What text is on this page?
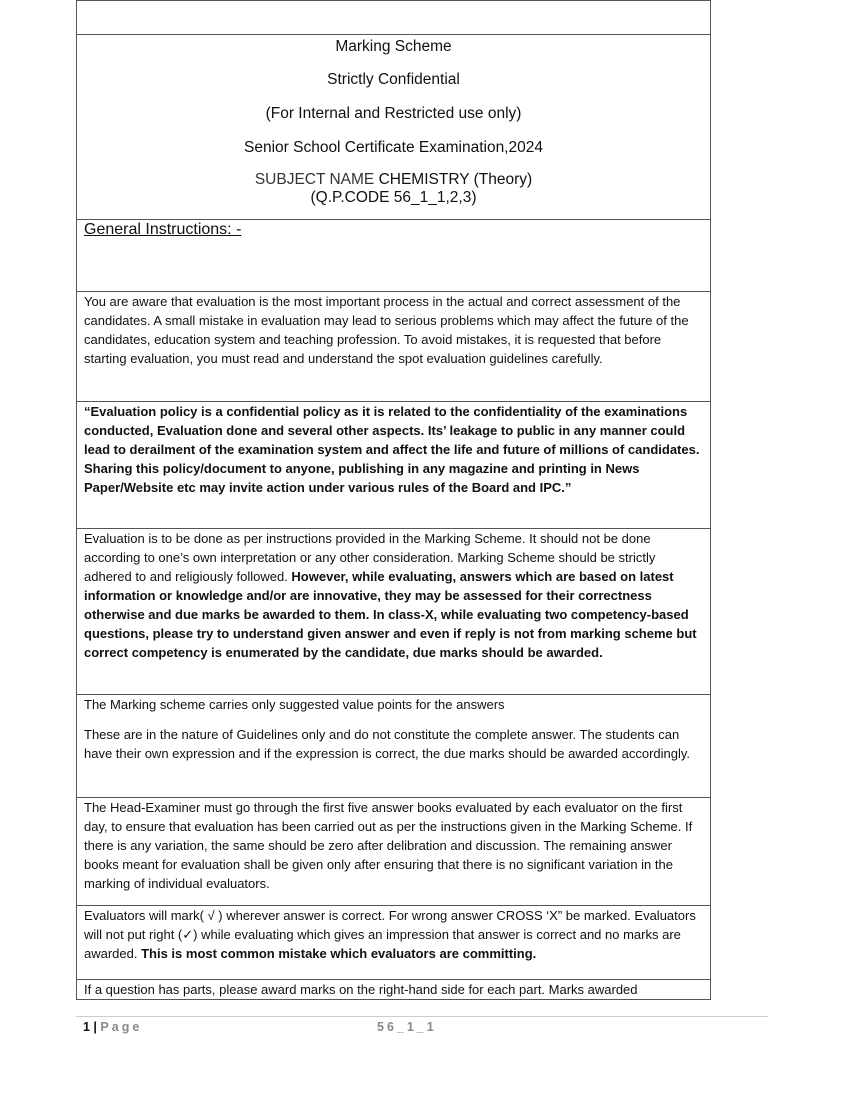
Marking Scheme
Strictly Confidential
(For Internal and Restricted use only)
Senior School Certificate Examination,2024
SUBJECT NAME CHEMISTRY (Theory)
(Q.P.CODE 56_1_1,2,3)
General Instructions: -

You are aware that evaluation is the most important process in the actual and correct assessment of the candidates. A small mistake in evaluation may lead to serious problems which may affect the future of the candidates, education system and teaching profession. To avoid mistakes, it is requested that before starting evaluation, you must read and understand the spot evaluation guidelines carefully.

“Evaluation policy is a confidential policy as it is related to the confidentiality of the examinations conducted, Evaluation done and several other aspects. Its’ leakage to public in any manner could lead to derailment of the examination system and affect the life and future of millions of candidates. Sharing this policy/document to anyone, publishing in any magazine and printing in News Paper/Website etc may invite action under various rules of the Board and IPC.”

Evaluation is to be done as per instructions provided in the Marking Scheme. It should not be done according to one’s own interpretation or any other consideration. Marking Scheme should be strictly adhered to and religiously followed. However, while evaluating, answers which are based on latest information or knowledge and/or are innovative, they may be assessed for their correctness otherwise and due marks be awarded to them. In class-X, while evaluating two competency-based questions, please try to understand given answer and even if reply is not from marking scheme but correct competency is enumerated by the candidate, due marks should be awarded.

The Marking scheme carries only suggested value points for the answers

These are in the nature of Guidelines only and do not constitute the complete answer. The students can have their own expression and if the expression is correct, the due marks should be awarded accordingly.

The Head-Examiner must go through the first five answer books evaluated by each evaluator on the first day, to ensure that evaluation has been carried out as per the instructions given in the Marking Scheme. If there is any variation, the same should be zero after delibration and discussion. The remaining answer books meant for evaluation shall be given only after ensuring that there is no significant variation in the marking of individual evaluators.

Evaluators will mark( √ ) wherever answer is correct. For wrong answer CROSS ‘X” be marked. Evaluators will not put right (✓) while evaluating which gives an impression that answer is correct and no marks are awarded. This is most common mistake which evaluators are committing.

If a question has parts, please award marks on the right-hand side for each part. Marks awarded

1 | Page	56_1_1
